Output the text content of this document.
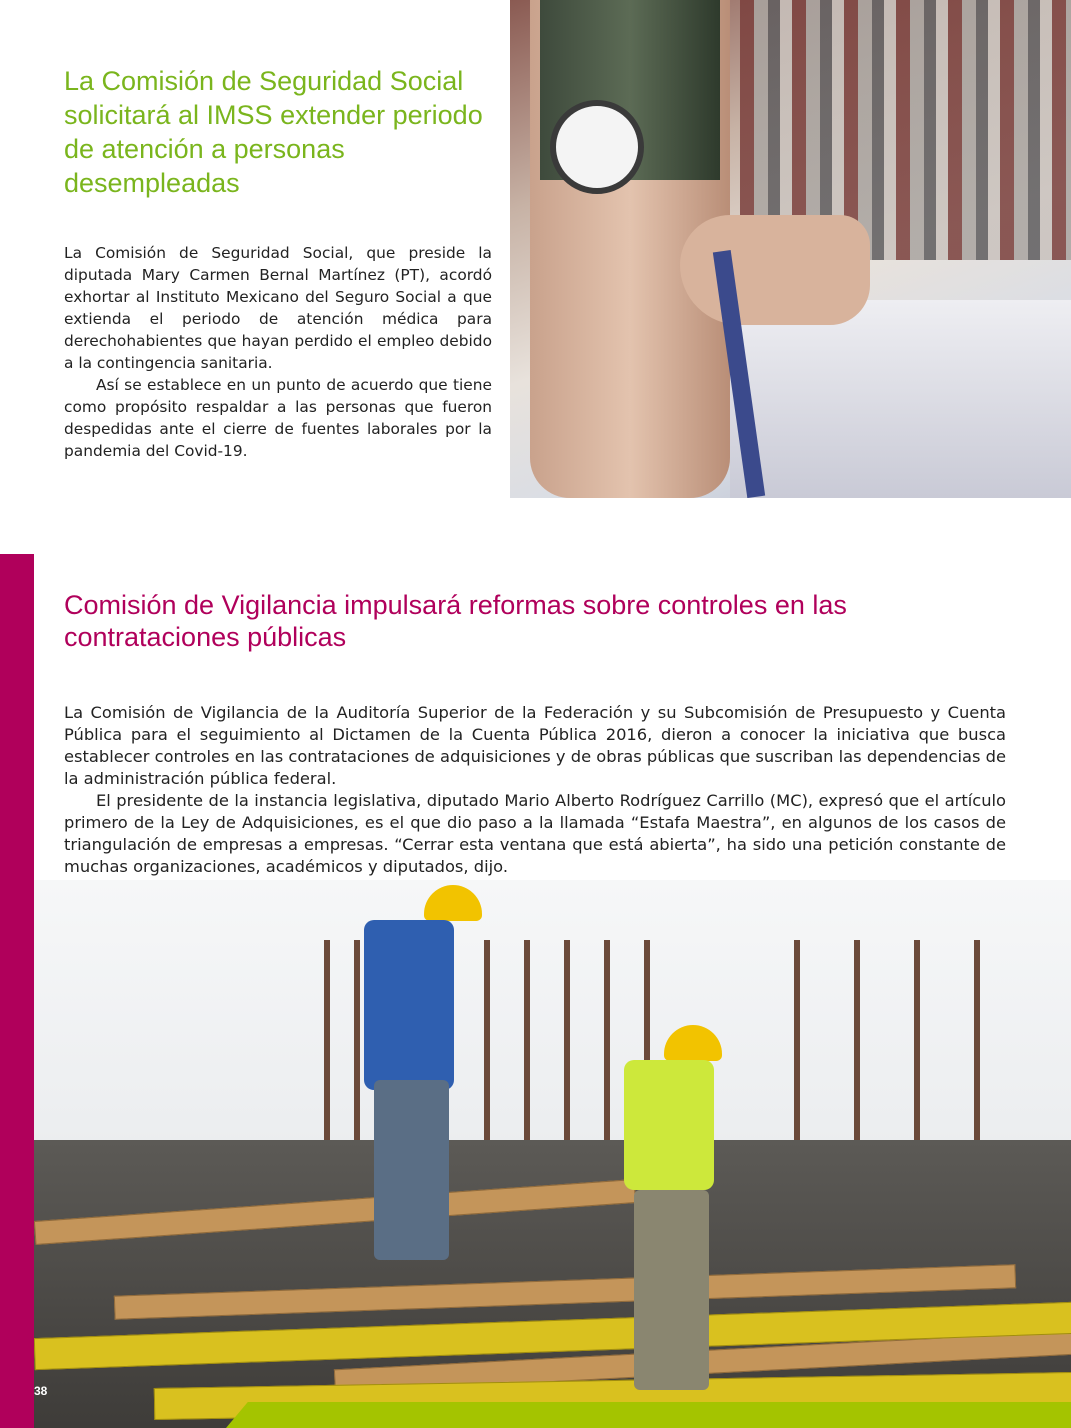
La Comisión de Seguridad Social solicitará al IMSS extender periodo de atención a personas desempleadas

La Comisión de Seguridad Social, que preside la diputada Mary Carmen Bernal Martínez (PT), acordó exhortar al Instituto Mexicano del Seguro Social a que extienda el periodo de atención médica para derechohabientes que hayan perdido el empleo debido a la contingencia sanitaria.

Así se establece en un punto de acuerdo que tiene como propósito respaldar a las personas que fueron despedidas ante el cierre de fuentes laborales por la pandemia del Covid-19.

Comisión de Vigilancia impulsará reformas sobre controles en las contrataciones públicas

La Comisión de Vigilancia de la Auditoría Superior de la Federación y su Subcomisión de Presupuesto y Cuenta Pública para el seguimiento al Dictamen de la Cuenta Pública 2016, dieron a conocer la iniciativa que busca establecer controles en las contrataciones de adquisiciones y de obras públicas que suscriban las dependencias de la administración pública federal.

El presidente de la instancia legislativa, diputado Mario Alberto Rodríguez Carrillo (MC), expresó que el artículo primero de la Ley de Adquisiciones, es el que dio paso a la llamada “Estafa Maestra”, en algunos de los casos de triangulación de empresas a empresas. “Cerrar esta ventana que está abierta”, ha sido una petición constante de muchas organizaciones, académicos y diputados, dijo.

38
